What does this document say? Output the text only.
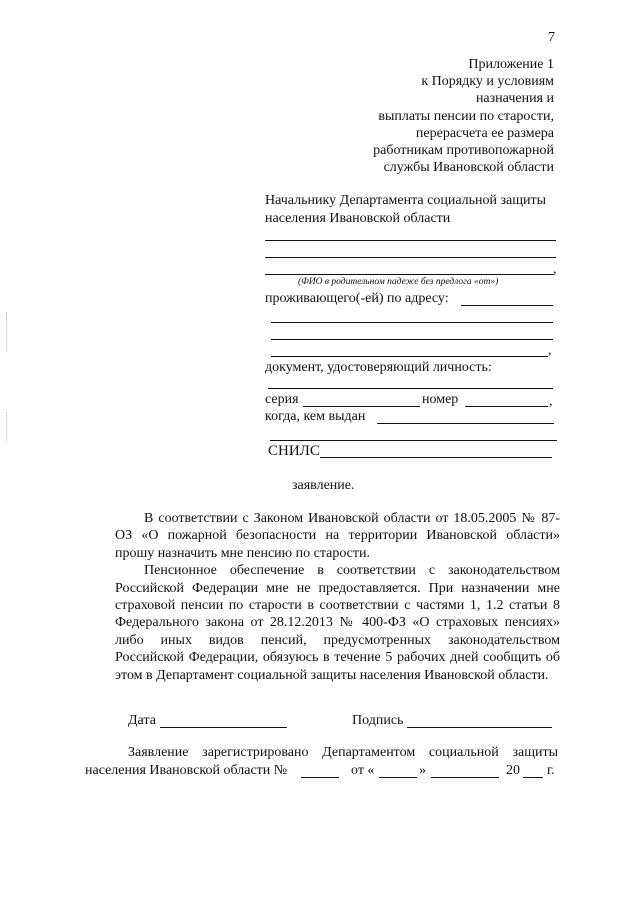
7
Приложение 1
к Порядку и условиям
назначения и
выплаты пенсии по старости,
перерасчета ее размера
работникам противопожарной
службы Ивановской области
Начальнику Департамента социальной защиты
населения Ивановской области
,
(ФИО в родительном падеже без предлога «от»)
проживающего(-ей) по адресу:
,
документ, удостоверяющий личность:
серия	номер	,
когда, кем выдан
СНИЛС
заявление.

В соответствии с Законом Ивановской области от 18.05.2005 № 87-ОЗ «О пожарной безопасности на территории Ивановской области» прошу назначить мне пенсию по старости.

Пенсионное обеспечение в соответствии с законодательством Российской Федерации мне не предоставляется. При назначении мне страховой пенсии по старости в соответствии с частями 1, 1.2 статьи 8 Федерального закона от 28.12.2013 № 400-ФЗ «О страховых пенсиях» либо иных видов пенсий, предусмотренных законодательством Российской Федерации, обязуюсь в течение 5 рабочих дней сообщить об этом в Департамент социальной защиты населения Ивановской области.

Дата	Подпись
Заявление зарегистрировано Департаментом социальной защиты
населения Ивановской области №	от «	»	20 г.
